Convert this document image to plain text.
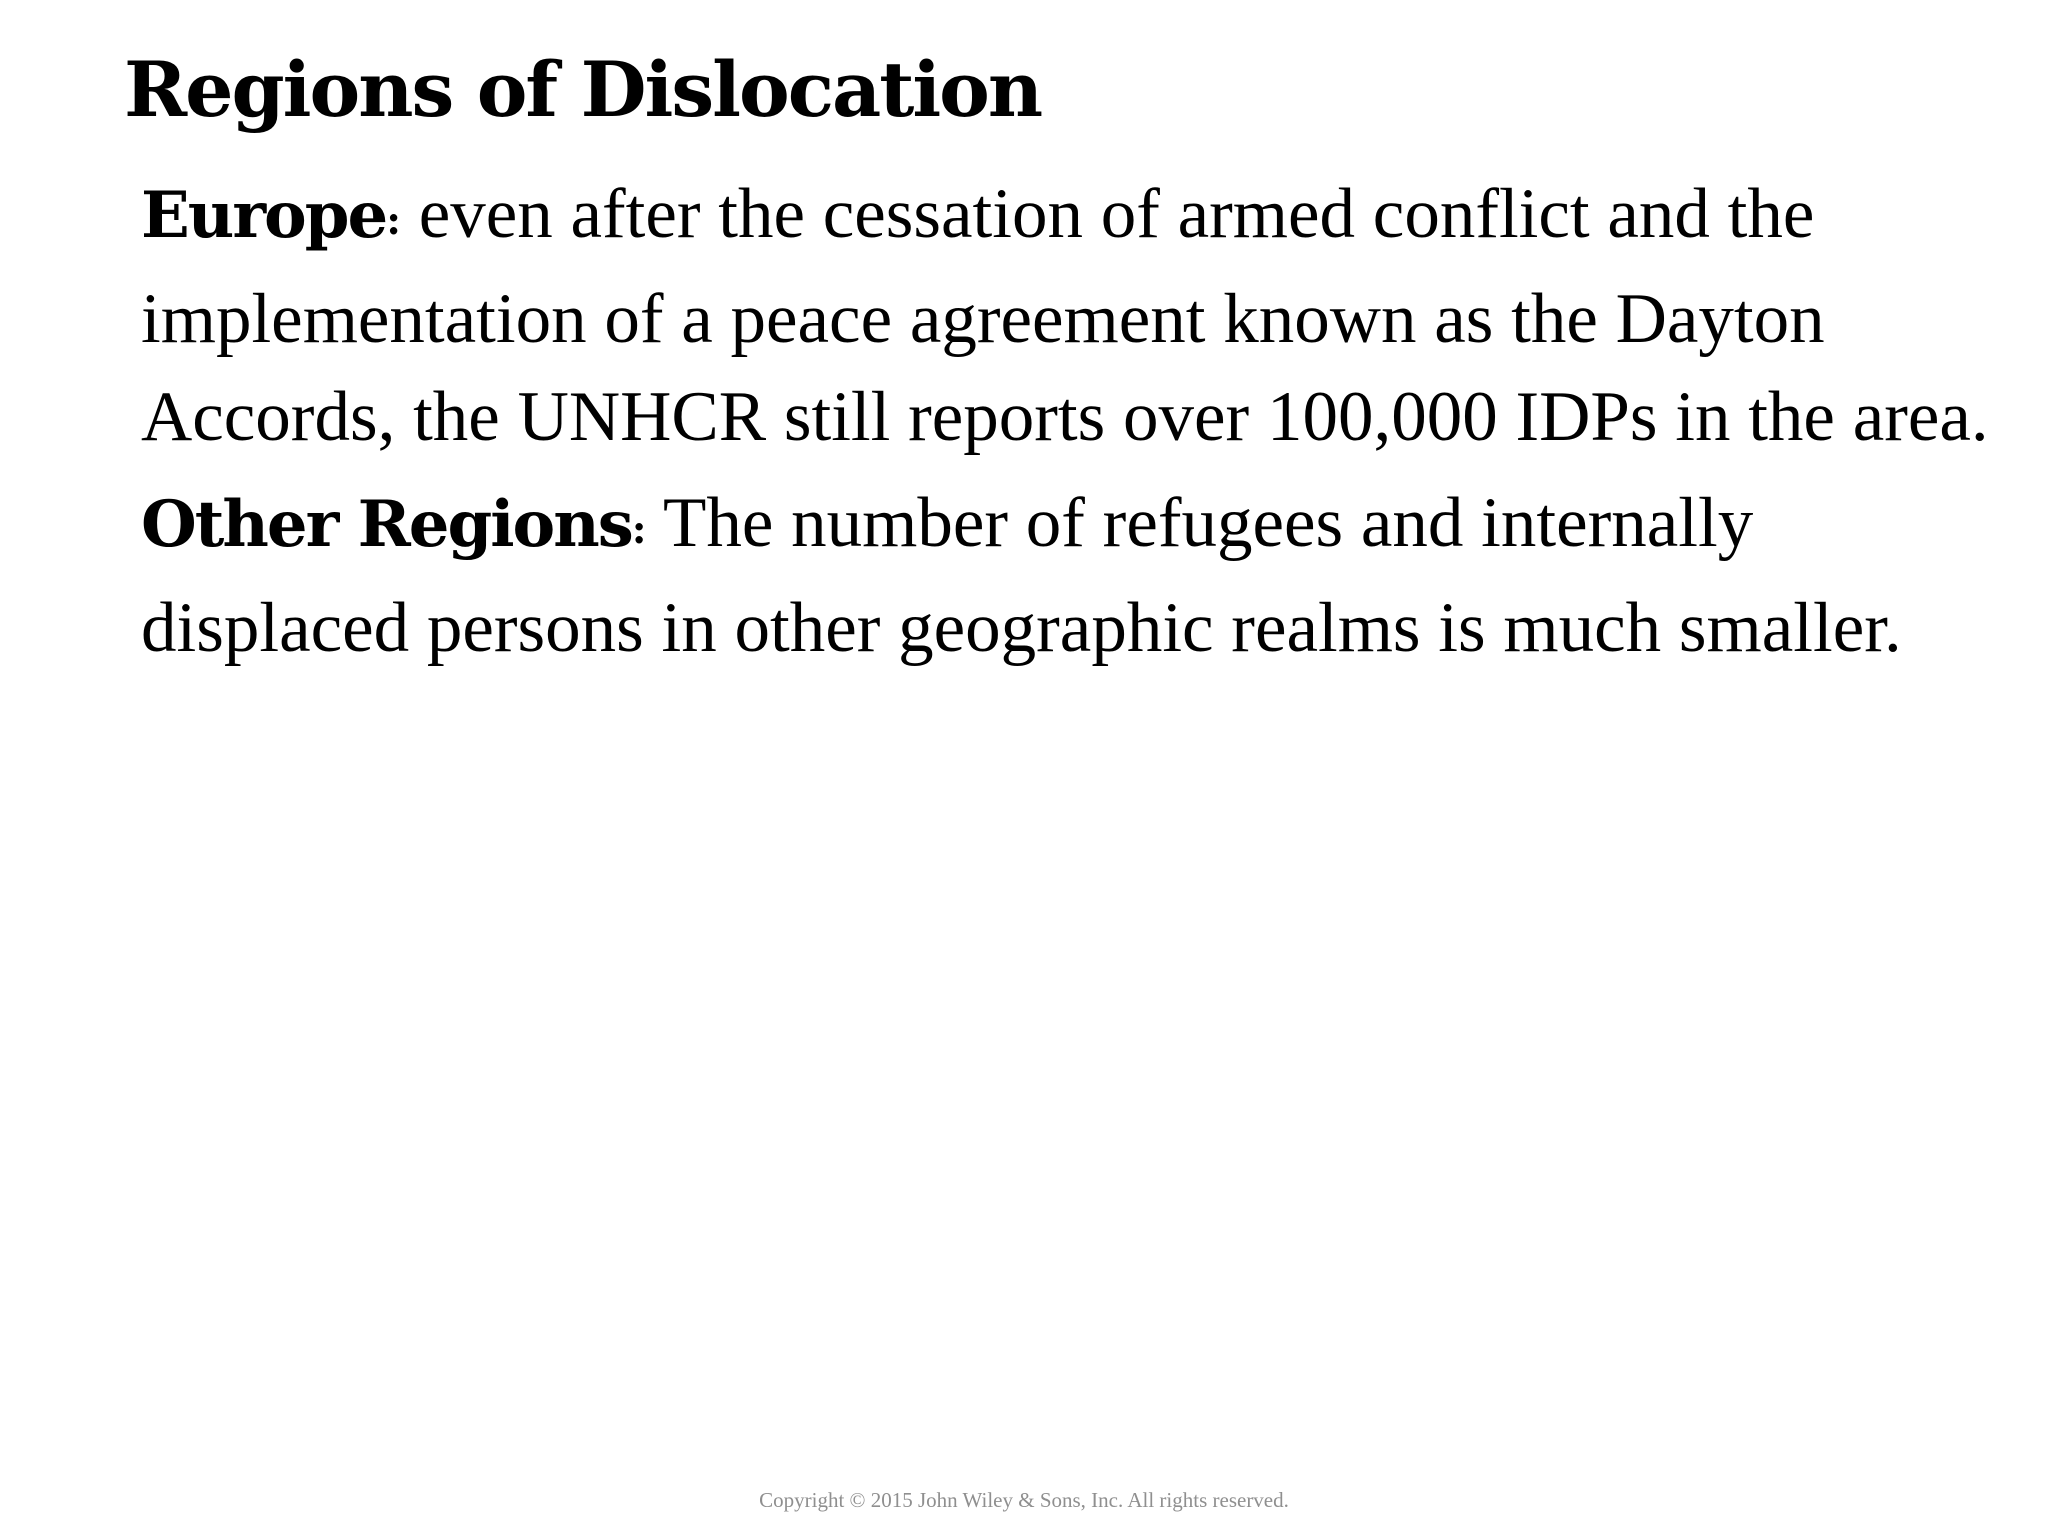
Regions of Dislocation

Europe: even after the cessation of armed conflict and the implementation of a peace agreement known as the Dayton Accords, the UNHCR still reports over 100,000 IDPs in the area.

Other Regions: The number of refugees and internally displaced persons in other geographic realms is much smaller.

Copyright © 2015 John Wiley & Sons, Inc. All rights reserved.
